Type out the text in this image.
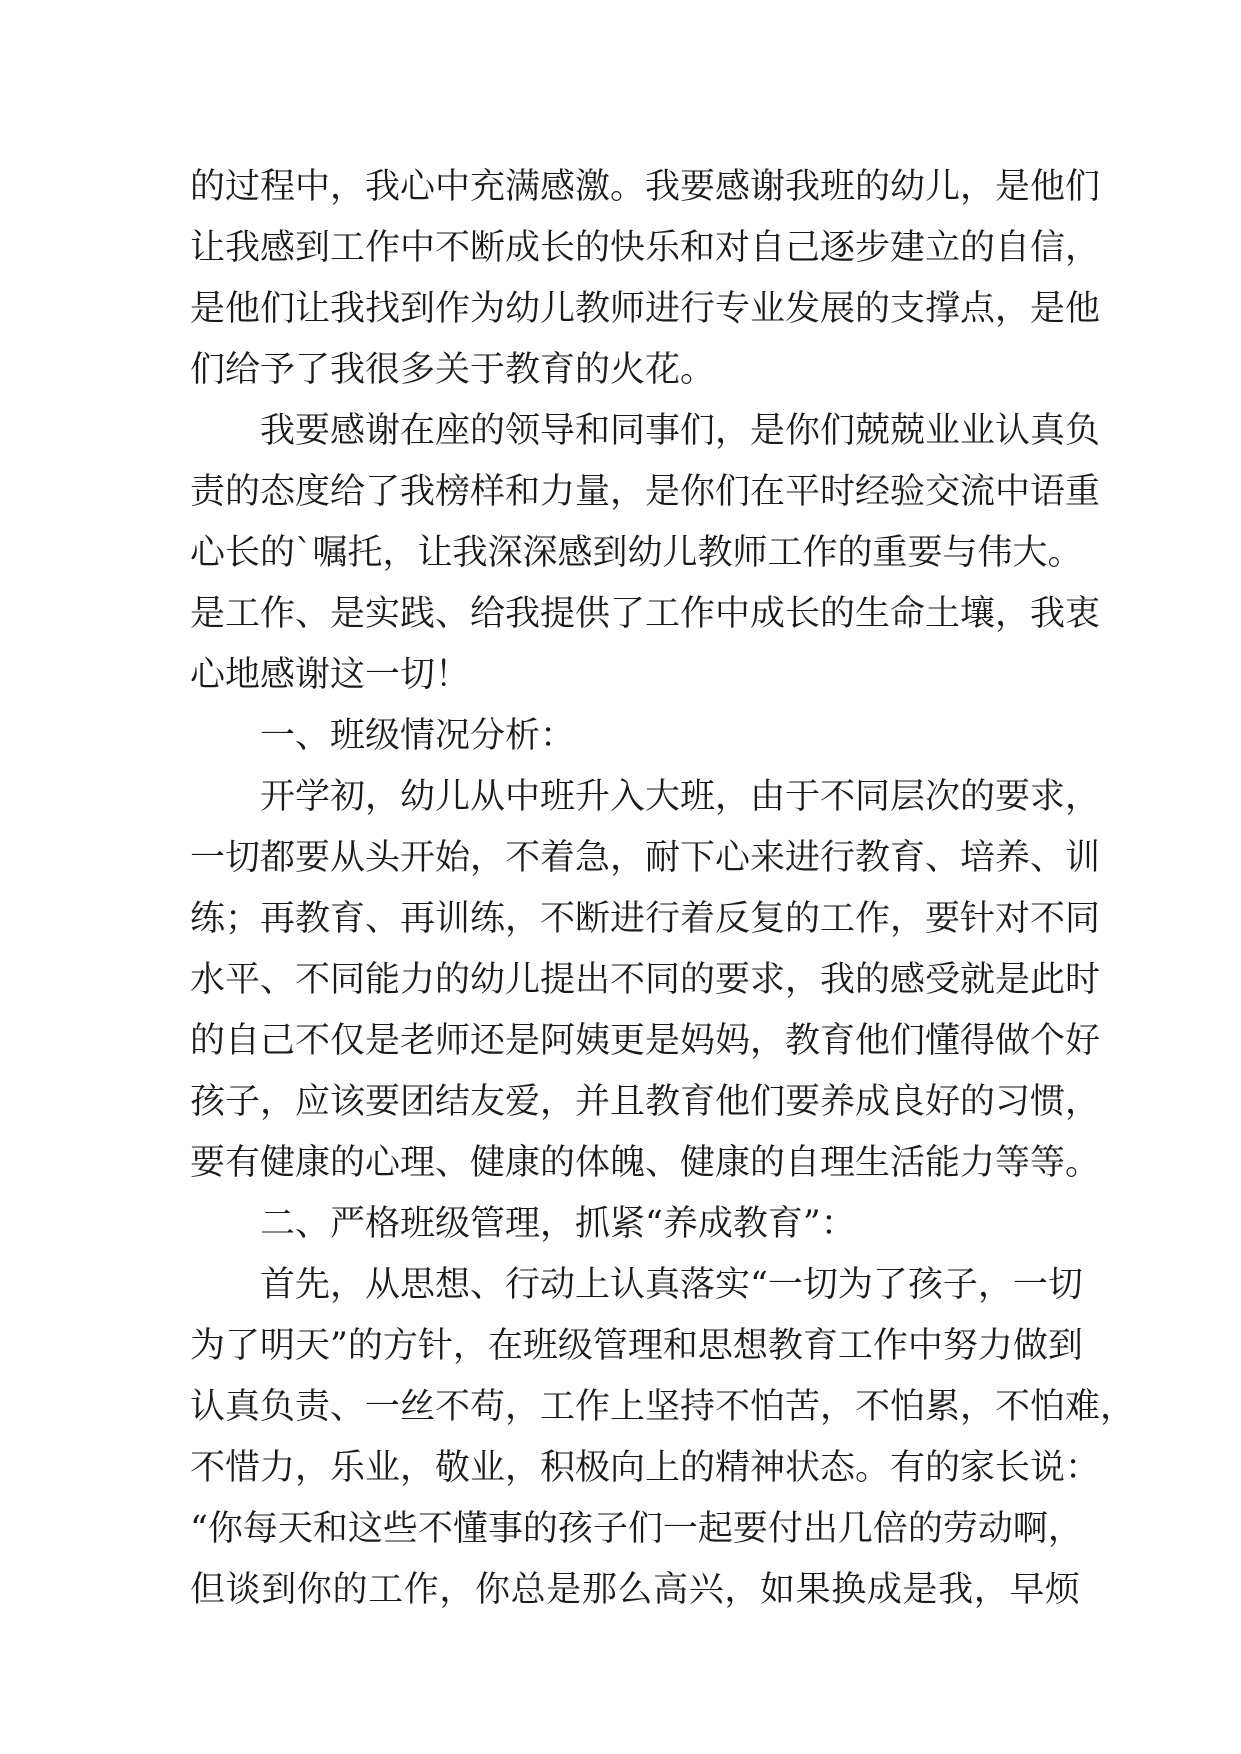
的过程中，我心中充满感激。我要感谢我班的幼儿，是他们
让我感到工作中不断成长的快乐和对自己逐步建立的自信，
是他们让我找到作为幼儿教师进行专业发展的支撑点，是他
们给予了我很多关于教育的火花。
我要感谢在座的领导和同事们，是你们兢兢业业认真负
责的态度给了我榜样和力量，是你们在平时经验交流中语重
心长的`嘱托，让我深深感到幼儿教师工作的重要与伟大。
是工作、是实践、给我提供了工作中成长的生命土壤，我衷
心地感谢这一切！
一、班级情况分析：
开学初，幼儿从中班升入大班，由于不同层次的要求，
一切都要从头开始，不着急，耐下心来进行教育、培养、训
练；再教育、再训练，不断进行着反复的工作，要针对不同
水平、不同能力的幼儿提出不同的要求，我的感受就是此时
的自己不仅是老师还是阿姨更是妈妈，教育他们懂得做个好
孩子，应该要团结友爱，并且教育他们要养成良好的习惯，
要有健康的心理、健康的体魄、健康的自理生活能力等等。
二、严格班级管理，抓紧“养成教育”：
首先，从思想、行动上认真落实“一切为了孩子，一切
为了明天”的方针，在班级管理和思想教育工作中努力做到
认真负责、一丝不苟，工作上坚持不怕苦，不怕累，不怕难，
不惜力，乐业，敬业，积极向上的精神状态。有的家长说：
“你每天和这些不懂事的孩子们一起要付出几倍的劳动啊，
但谈到你的工作，你总是那么高兴，如果换成是我，早烦
